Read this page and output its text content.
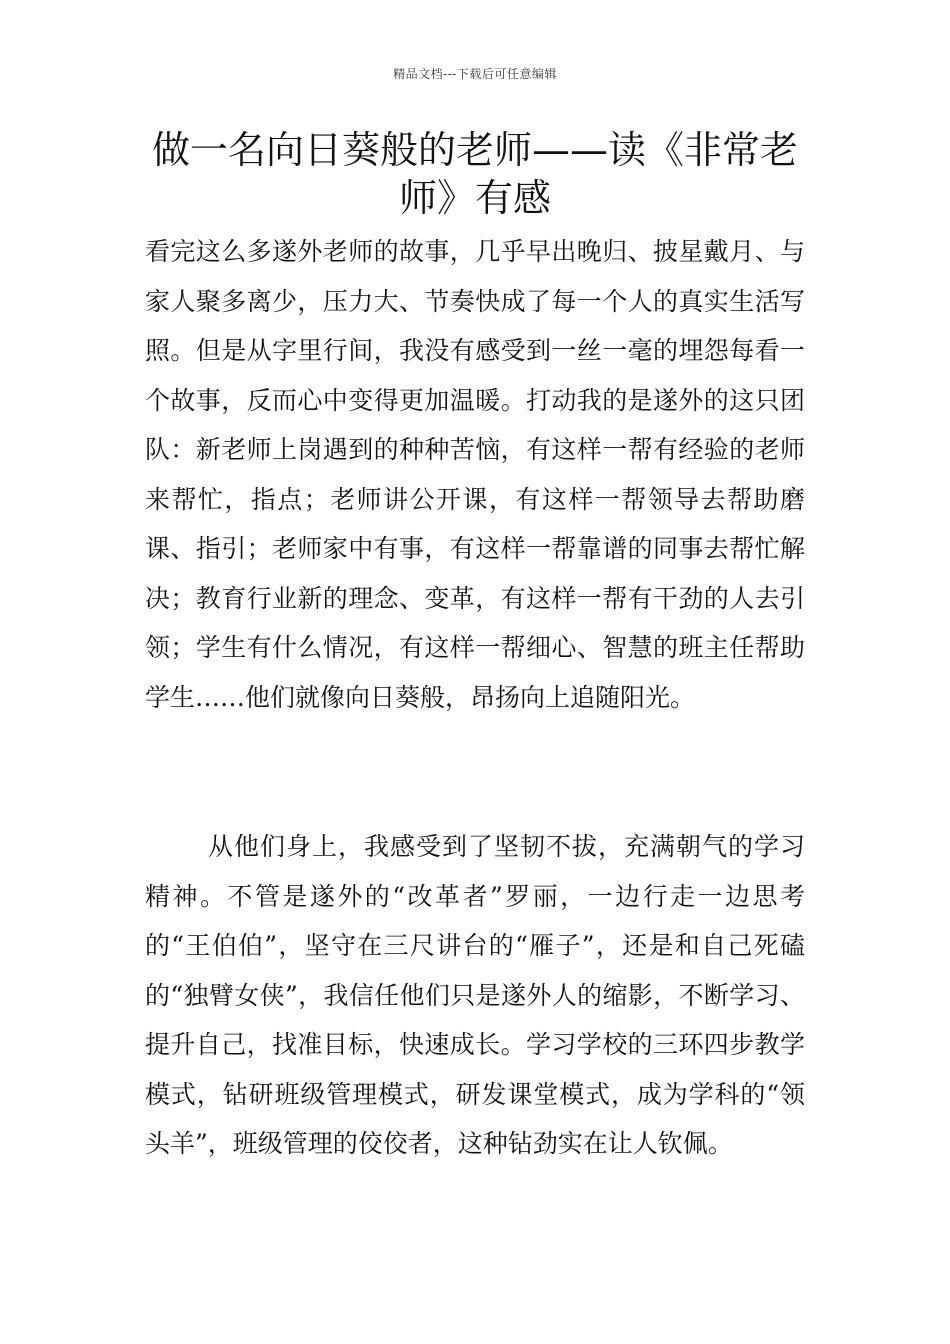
精品文档---下载后可任意编辑
做一名向日葵般的老师——读《非常老师》有感

看完这么多遂外老师的故事，几乎早出晚归、披星戴月、与家人聚多离少，压力大、节奏快成了每一个人的真实生活写照。但是从字里行间，我没有感受到一丝一毫的埋怨每看一个故事，反而心中变得更加温暖。打动我的是遂外的这只团队：新老师上岗遇到的种种苦恼，有这样一帮有经验的老师来帮忙，指点；老师讲公开课，有这样一帮领导去帮助磨课、指引；老师家中有事，有这样一帮靠谱的同事去帮忙解决；教育行业新的理念、变革，有这样一帮有干劲的人去引领；学生有什么情况，有这样一帮细心、智慧的班主任帮助学生……他们就像向日葵般，昂扬向上追随阳光。

从他们身上，我感受到了坚韧不拔，充满朝气的学习精神。不管是遂外的“改革者”罗丽，一边行走一边思考的“王伯伯”，坚守在三尺讲台的“雁子”，还是和自己死磕的“独臂女侠”，我信任他们只是遂外人的缩影，不断学习、提升自己，找准目标，快速成长。学习学校的三环四步教学模式，钻研班级管理模式，研发课堂模式，成为学科的“领头羊”，班级管理的佼佼者，这种钻劲实在让人钦佩。
